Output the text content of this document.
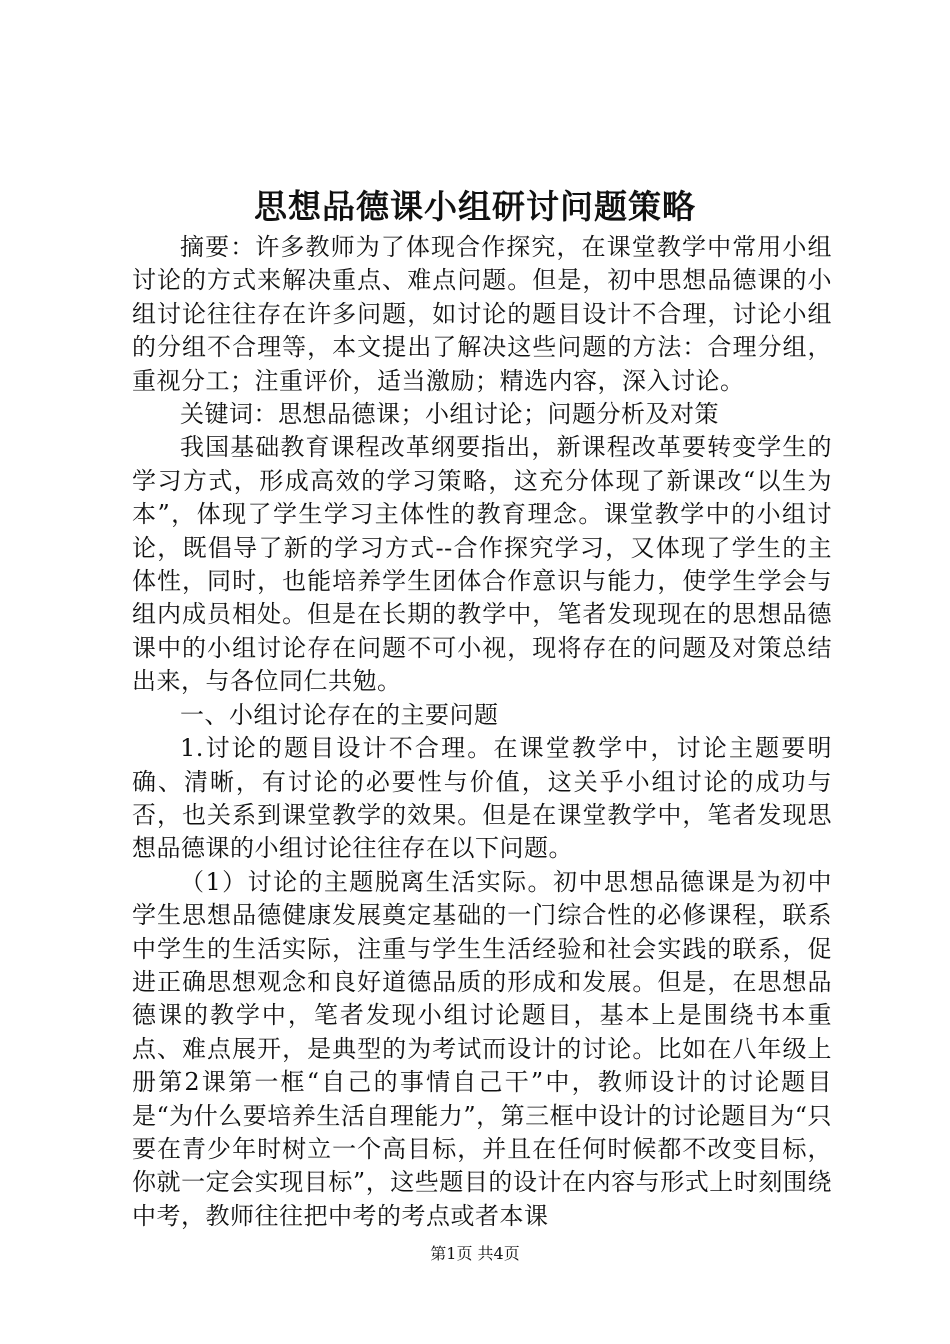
思想品德课小组研讨问题策略

摘要：许多教师为了体现合作探究，在课堂教学中常用小组讨论的方式来解决重点、难点问题。但是，初中思想品德课的小组讨论往往存在许多问题，如讨论的题目设计不合理，讨论小组的分组不合理等，本文提出了解决这些问题的方法：合理分组，重视分工；注重评价，适当激励；精选内容，深入讨论。

关键词：思想品德课；小组讨论；问题分析及对策

我国基础教育课程改革纲要指出，新课程改革要转变学生的学习方式，形成高效的学习策略，这充分体现了新课改“以生为本”，体现了学生学习主体性的教育理念。课堂教学中的小组讨论，既倡导了新的学习方式--合作探究学习，又体现了学生的主体性，同时，也能培养学生团体合作意识与能力，使学生学会与组内成员相处。但是在长期的教学中，笔者发现现在的思想品德课中的小组讨论存在问题不可小视，现将存在的问题及对策总结出来，与各位同仁共勉。

一、小组讨论存在的主要问题

1.讨论的题目设计不合理。在课堂教学中，讨论主题要明确、清晰，有讨论的必要性与价值，这关乎小组讨论的成功与否，也关系到课堂教学的效果。但是在课堂教学中，笔者发现思想品德课的小组讨论往往存在以下问题。

（1）讨论的主题脱离生活实际。初中思想品德课是为初中学生思想品德健康发展奠定基础的一门综合性的必修课程，联系中学生的生活实际，注重与学生生活经验和社会实践的联系，促进正确思想观念和良好道德品质的形成和发展。但是，在思想品德课的教学中，笔者发现小组讨论题目，基本上是围绕书本重点、难点展开，是典型的为考试而设计的讨论。比如在八年级上册第2课第一框“自己的事情自己干”中，教师设计的讨论题目是“为什么要培养生活自理能力”，第三框中设计的讨论题目为“只要在青少年时树立一个高目标，并且在任何时候都不改变目标，你就一定会实现目标”，这些题目的设计在内容与形式上时刻围绕中考，教师往往把中考的考点或者本课

第1页 共4页
